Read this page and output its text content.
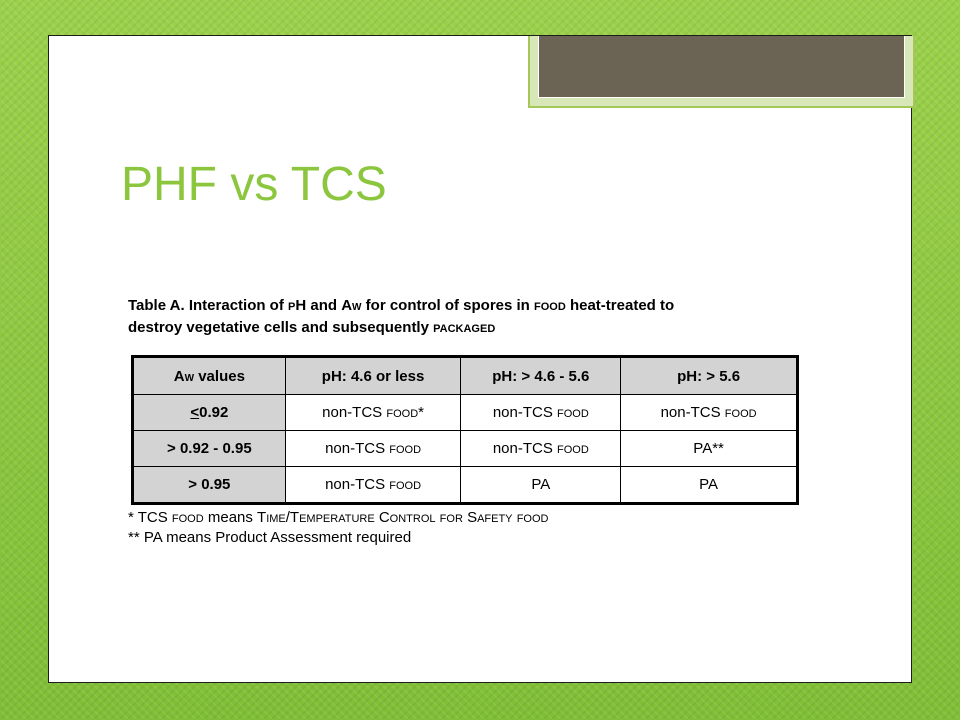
PHF vs TCS
Table A. Interaction of pH and AW for control of spores in food heat-treated to
destroy vegetative cells and subsequently packaged
AW values	pH: 4.6 or less	pH: > 4.6 - 5.6	pH: > 5.6
<0.92	non-TCS food*	non-TCS food	non-TCS food
> 0.92 - 0.95	non-TCS food	non-TCS food	PA**
> 0.95	non-TCS food	PA	PA
* TCS food means Time/Temperature Control for Safety food
** PA means Product Assessment required
